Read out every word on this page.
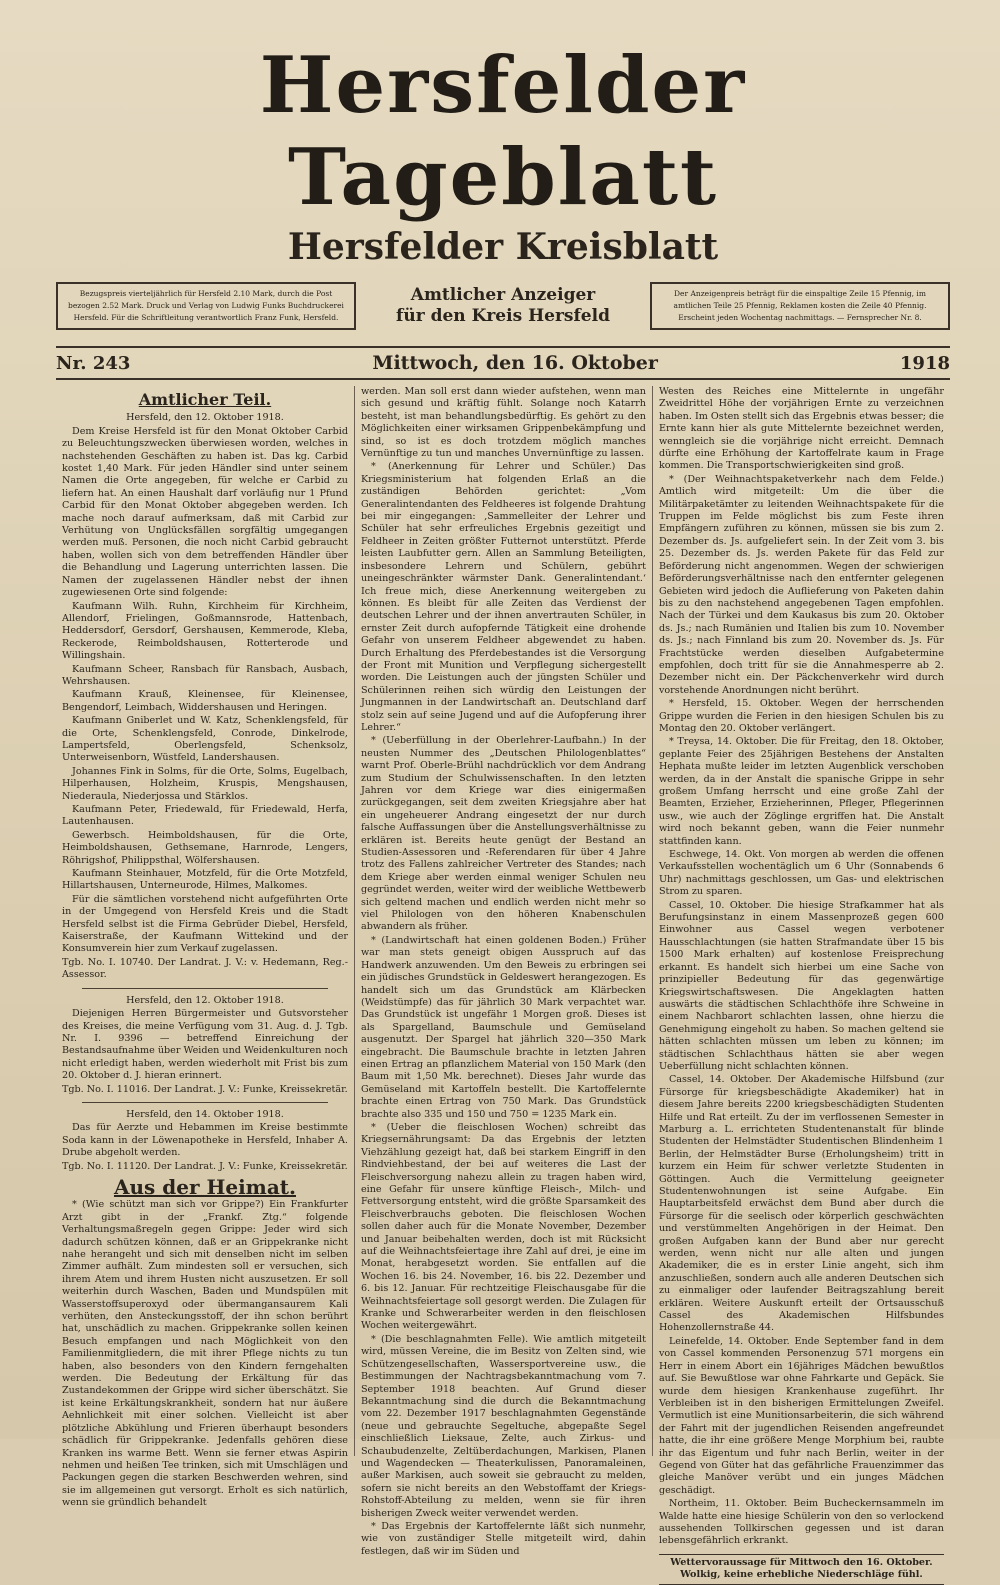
Hersfelder Tageblatt
Hersfelder Kreisblatt
Bezugspreis vierteljährlich für Hersfeld 2.10 Mark, durch die Post bezogen 2.52 Mark. Druck und Verlag von Ludwig Funks Buchdruckerei Hersfeld. Für die Schriftleitung verantwortlich Franz Funk, Hersfeld.
Amtlicher Anzeiger
für den Kreis Hersfeld
Der Anzeigenpreis beträgt für die einspaltige Zeile 15 Pfennig, im amtlichen Teile 25 Pfennig, Reklamen kosten die Zeile 40 Pfennig. Erscheint jeden Wochentag nachmittags. — Fernsprecher Nr. 8.
Nr. 243	Mittwoch, den 16. Oktober	1918
Amtlicher Teil.

Hersfeld, den 12. Oktober 1918.

Dem Kreise Hersfeld ist für den Monat Oktober Carbid zu Beleuchtungszwecken überwiesen worden, welches in nachstehenden Geschäften zu haben ist. Das kg. Carbid kostet 1,40 Mark. Für jeden Händler sind unter seinem Namen die Orte angegeben, für welche er Carbid zu liefern hat. An einen Haushalt darf vorläufig nur 1 Pfund Carbid für den Monat Oktober abgegeben werden. Ich mache noch darauf aufmerksam, daß mit Carbid zur Verhütung von Unglücksfällen sorgfältig umgegangen werden muß. Personen, die noch nicht Carbid gebraucht haben, wollen sich von dem betreffenden Händler über die Behandlung und Lagerung unterrichten lassen. Die Namen der zugelassenen Händler nebst der ihnen zugewiesenen Orte sind folgende:

Kaufmann Wilh. Ruhn, Kirchheim für Kirchheim, Allendorf, Frielingen, Goßmannsrode, Hattenbach, Heddersdorf, Gersdorf, Gershausen, Kemmerode, Kleba, Reckerode, Reimboldshausen, Rotterterode und Willingshain.

Kaufmann Scheer, Ransbach für Ransbach, Ausbach, Wehrshausen.

Kaufmann Krauß, Kleinensee, für Kleinensee, Bengendorf, Leimbach, Widdershausen und Heringen.

Kaufmann Gniberlet und W. Katz, Schenklengsfeld, für die Orte, Schenklengsfeld, Conrode, Dinkelrode, Lampertsfeld, Oberlengsfeld, Schenksolz, Unterweisenborn, Wüstfeld, Landershausen.

Johannes Fink in Solms, für die Orte, Solms, Eugelbach, Hilperhausen, Holzheim, Kruspis, Mengshausen, Niederaula, Niederjossa und Stärklos.

Kaufmann Peter, Friedewald, für Friedewald, Herfa, Lautenhausen.

Gewerbsch. Heimboldshausen, für die Orte, Heimboldshausen, Gethsemane, Harnrode, Lengers, Röhrigshof, Philippsthal, Wölfershausen.

Kaufmann Steinhauer, Motzfeld, für die Orte Motzfeld, Hillartshausen, Unterneurode, Hilmes, Malkomes.

Für die sämtlichen vorstehend nicht aufgeführten Orte in der Umgegend von Hersfeld Kreis und die Stadt Hersfeld selbst ist die Firma Gebrüder Diebel, Hersfeld, Kaiserstraße, der Kaufmann Wittekind und der Konsumverein hier zum Verkauf zugelassen.

Tgb. No. I. 10740. Der Landrat. J. V.: v. Hedemann, Reg.-Assessor.

Hersfeld, den 12. Oktober 1918.

Diejenigen Herren Bürgermeister und Gutsvorsteher des Kreises, die meine Verfügung vom 31. Aug. d. J. Tgb. Nr. I. 9396 — betreffend Einreichung der Bestandsaufnahme über Weiden und Weidenkulturen noch nicht erledigt haben, werden wiederholt mit Frist bis zum 20. Oktober d. J. hieran erinnert.

Tgb. No. I. 11016. Der Landrat. J. V.: Funke, Kreissekretär.

Hersfeld, den 14. Oktober 1918.

Das für Aerzte und Hebammen im Kreise bestimmte Soda kann in der Löwenapotheke in Hersfeld, Inhaber A. Drube abgeholt werden.

Tgb. No. I. 11120. Der Landrat. J. V.: Funke, Kreissekretär.

Aus der Heimat.

* (Wie schützt man sich vor Grippe?) Ein Frankfurter Arzt gibt in der „Frankf. Ztg.“ folgende Verhaltungsmaßregeln gegen Grippe: Jeder wird sich dadurch schützen können, daß er an Grippekranke nicht nahe herangeht und sich mit denselben nicht im selben Zimmer aufhält. Zum mindesten soll er versuchen, sich ihrem Atem und ihrem Husten nicht auszusetzen. Er soll weiterhin durch Waschen, Baden und Mundspülen mit Wasserstoffsuperoxyd oder übermangansaurem Kali verhüten, den Ansteckungsstoff, der ihn schon berührt hat, unschädlich zu machen. Grippekranke sollen keinen Besuch empfangen und nach Möglichkeit von den Familienmitgliedern, die mit ihrer Pflege nichts zu tun haben, also besonders von den Kindern ferngehalten werden. Die Bedeutung der Erkältung für das Zustandekommen der Grippe wird sicher überschätzt. Sie ist keine Erkältungskrankheit, sondern hat nur äußere Aehnlichkeit mit einer solchen. Vielleicht ist aber plötzliche Abkühlung und Frieren überhaupt besonders schädlich für Grippekranke. Jedenfalls gehören diese Kranken ins warme Bett. Wenn sie ferner etwas Aspirin nehmen und heißen Tee trinken, sich mit Umschlägen und Packungen gegen die starken Beschwerden wehren, sind sie im allgemeinen gut versorgt. Erholt es sich natürlich, wenn sie gründlich behandelt

werden. Man soll erst dann wieder aufstehen, wenn man sich gesund und kräftig fühlt. Solange noch Katarrh besteht, ist man behandlungsbedürftig. Es gehört zu den Möglichkeiten einer wirksamen Grippenbekämpfung und sind, so ist es doch trotzdem möglich manches Vernünftige zu tun und manches Unvernünftige zu lassen.

* (Anerkennung für Lehrer und Schüler.) Das Kriegsministerium hat folgenden Erlaß an die zuständigen Behörden gerichtet: „Vom Generalintendanten des Feldheeres ist folgende Drahtung bei mir eingegangen: ‚Sammelleiter der Lehrer und Schüler hat sehr erfreuliches Ergebnis gezeitigt und Feldheer in Zeiten größter Futternot unterstützt. Pferde leisten Laubfutter gern. Allen an Sammlung Beteiligten, insbesondere Lehrern und Schülern, gebührt uneingeschränkter wärmster Dank. Generalintendant.‘ Ich freue mich, diese Anerkennung weitergeben zu können. Es bleibt für alle Zeiten das Verdienst der deutschen Lehrer und der ihnen anvertrauten Schüler, in ernster Zeit durch aufopfernde Tätigkeit eine drohende Gefahr von unserem Feldheer abgewendet zu haben. Durch Erhaltung des Pferdebestandes ist die Versorgung der Front mit Munition und Verpflegung sichergestellt worden. Die Leistungen auch der jüngsten Schüler und Schülerinnen reihen sich würdig den Leistungen der Jungmannen in der Landwirtschaft an. Deutschland darf stolz sein auf seine Jugend und auf die Aufopferung ihrer Lehrer.“

* (Ueberfüllung in der Oberlehrer-Laufbahn.) In der neusten Nummer des „Deutschen Philologenblattes“ warnt Prof. Oberle-Brühl nachdrücklich vor dem Andrang zum Studium der Schulwissenschaften. In den letzten Jahren vor dem Kriege war dies einigermaßen zurückgegangen, seit dem zweiten Kriegsjahre aber hat ein ungeheuerer Andrang eingesetzt der nur durch falsche Auffassungen über die Anstellungsverhältnisse zu erklären ist. Bereits heute genügt der Bestand an Studien-Assessoren und -Referendaren für über 4 Jahre trotz des Fallens zahlreicher Vertreter des Standes; nach dem Kriege aber werden einmal weniger Schulen neu gegründet werden, weiter wird der weibliche Wettbewerb sich geltend machen und endlich werden nicht mehr so viel Philologen von den höheren Knabenschulen abwandern als früher.

* (Landwirtschaft hat einen goldenen Boden.) Früher war man stets geneigt obigen Ausspruch auf das Handwerk anzuwenden. Um den Beweis zu erbringen sei ein jüdisches Grundstück in Geldeswert herangezogen. Es handelt sich um das Grundstück am Klärbecken (Weidstümpfe) das für jährlich 30 Mark verpachtet war. Das Grundstück ist ungefähr 1 Morgen groß. Dieses ist als Spargelland, Baumschule und Gemüseland ausgenutzt. Der Spargel hat jährlich 320—350 Mark eingebracht. Die Baumschule brachte in letzten Jahren einen Ertrag an pflanzlichem Material von 150 Mark (den Baum mit 1,50 Mk. berechnet). Dieses Jahr wurde das Gemüseland mit Kartoffeln bestellt. Die Kartoffelernte brachte einen Ertrag von 750 Mark. Das Grundstück brachte also 335 und 150 und 750 = 1235 Mark ein.

* (Ueber die fleischlosen Wochen) schreibt das Kriegsernährungsamt: Da das Ergebnis der letzten Viehzählung gezeigt hat, daß bei starkem Eingriff in den Rindviehbestand, der bei auf weiteres die Last der Fleischversorgung nahezu allein zu tragen haben wird, eine Gefahr für unsere künftige Fleisch-, Milch- und Fettversorgung entsteht, wird die größte Sparsamkeit des Fleischverbrauchs geboten. Die fleischlosen Wochen sollen daher auch für die Monate November, Dezember und Januar beibehalten werden, doch ist mit Rücksicht auf die Weihnachtsfeiertage ihre Zahl auf drei, je eine im Monat, herabgesetzt worden. Sie entfallen auf die Wochen 16. bis 24. November, 16. bis 22. Dezember und 6. bis 12. Januar. Für rechtzeitige Fleischausgabe für die Weihnachtsfeiertage soll gesorgt werden. Die Zulagen für Kranke und Schwerarbeiter werden in den fleischlosen Wochen weitergewährt.

* (Die beschlagnahmten Felle). Wie amtlich mitgeteilt wird, müssen Vereine, die im Besitz von Zelten sind, wie Schützengesellschaften, Wassersportvereine usw., die Bestimmungen der Nachtragsbekanntmachung vom 7. September 1918 beachten. Auf Grund dieser Bekanntmachung sind die durch die Bekanntmachung vom 22. Dezember 1917 beschlagnahmten Gegenstände (neue und gebrauchte Segeltuche, abgepaßte Segel einschließlich Lieksaue, Zelte, auch Zirkus- und Schaubudenzelte, Zeltüberdachungen, Markisen, Planen und Wagendecken — Theaterkulissen, Panoramaleinen, außer Markisen, auch soweit sie gebraucht zu melden, sofern sie nicht bereits an den Webstoffamt der Kriegs-Rohstoff-Abteilung zu melden, wenn sie für ihren bisherigen Zweck weiter verwendet werden.

* Das Ergebnis der Kartoffelernte läßt sich nunmehr, wie von zuständiger Stelle mitgeteilt wird, dahin festlegen, daß wir im Süden und

Westen des Reiches eine Mittelernte in ungefähr Zweidrittel Höhe der vorjährigen Ernte zu verzeichnen haben. Im Osten stellt sich das Ergebnis etwas besser; die Ernte kann hier als gute Mittelernte bezeichnet werden, wenngleich sie die vorjährige nicht erreicht. Demnach dürfte eine Erhöhung der Kartoffelrate kaum in Frage kommen. Die Transportschwierigkeiten sind groß.

* (Der Weihnachtspaketverkehr nach dem Felde.) Amtlich wird mitgeteilt: Um die über die Militärpaketämter zu leitenden Weihnachtspakete für die Truppen im Felde möglichst bis zum Feste ihren Empfängern zuführen zu können, müssen sie bis zum 2. Dezember ds. Js. aufgeliefert sein. In der Zeit vom 3. bis 25. Dezember ds. Js. werden Pakete für das Feld zur Beförderung nicht angenommen. Wegen der schwierigen Beförderungsverhältnisse nach den entfernter gelegenen Gebieten wird jedoch die Auflieferung von Paketen dahin bis zu den nachstehend angegebenen Tagen empfohlen. Nach der Türkei und dem Kaukasus bis zum 20. Oktober ds. Js.; nach Rumänien und Italien bis zum 10. November ds. Js.; nach Finnland bis zum 20. November ds. Js. Für Frachtstücke werden dieselben Aufgabetermine empfohlen, doch tritt für sie die Annahmesperre ab 2. Dezember nicht ein. Der Päckchenverkehr wird durch vorstehende Anordnungen nicht berührt.

* Hersfeld, 15. Oktober. Wegen der herrschenden Grippe wurden die Ferien in den hiesigen Schulen bis zu Montag den 20. Oktober verlängert.

* Treysa, 14. Oktober. Die für Freitag, den 18. Oktober, geplante Feier des 25jährigen Bestehens der Anstalten Hephata mußte leider im letzten Augenblick verschoben werden, da in der Anstalt die spanische Grippe in sehr großem Umfang herrscht und eine große Zahl der Beamten, Erzieher, Erzieherinnen, Pfleger, Pflegerinnen usw., wie auch der Zöglinge ergriffen hat. Die Anstalt wird noch bekannt geben, wann die Feier nunmehr stattfinden kann.

Eschwege, 14. Okt. Von morgen ab werden die offenen Verkaufsstellen wochentäglich um 6 Uhr (Sonnabends 6 Uhr) nachmittags geschlossen, um Gas- und elektrischen Strom zu sparen.

Cassel, 10. Oktober. Die hiesige Strafkammer hat als Berufungsinstanz in einem Massenprozeß gegen 600 Einwohner aus Cassel wegen verbotener Hausschlachtungen (sie hatten Strafmandate über 15 bis 1500 Mark erhalten) auf kostenlose Freisprechung erkannt. Es handelt sich hierbei um eine Sache von prinzipieller Bedeutung für das gegenwärtige Kriegswirtschaftswesen. Die Angeklagten hatten auswärts die städtischen Schlachthöfe ihre Schweine in einem Nachbarort schlachten lassen, ohne hierzu die Genehmigung eingeholt zu haben. So machen geltend sie hätten schlachten müssen um leben zu können; im städtischen Schlachthaus hätten sie aber wegen Ueberfüllung nicht schlachten können.

Cassel, 14. Oktober. Der Akademische Hilfsbund (zur Fürsorge für kriegsbeschädigte Akademiker) hat in diesem Jahre bereits 2200 kriegsbeschädigten Studenten Hilfe und Rat erteilt. Zu der im verflossenen Semester in Marburg a. L. errichteten Studentenanstalt für blinde Studenten der Helmstädter Studentischen Blindenheim 1 Berlin, der Helmstädter Burse (Erholungsheim) tritt in kurzem ein Heim für schwer verletzte Studenten in Göttingen. Auch die Vermittelung geeigneter Studentenwohnungen ist seine Aufgabe. Ein Hauptarbeitsfeld erwächst dem Bund aber durch die Fürsorge für die seelisch oder körperlich geschwächten und verstümmelten Angehörigen in der Heimat. Den großen Aufgaben kann der Bund aber nur gerecht werden, wenn nicht nur alle alten und jungen Akademiker, die es in erster Linie angeht, sich ihm anzuschließen, sondern auch alle anderen Deutschen sich zu einmaliger oder laufender Beitragszahlung bereit erklären. Weitere Auskunft erteilt der Ortsausschuß Cassel des Akademischen Hilfsbundes Hohenzollernstraße 44.

Leinefelde, 14. Oktober. Ende September fand in dem von Cassel kommenden Personenzug 571 morgens ein Herr in einem Abort ein 16jähriges Mädchen bewußtlos auf. Sie Bewußtlose war ohne Fahrkarte und Gepäck. Sie wurde dem hiesigen Krankenhause zugeführt. Ihr Verbleiben ist in den bisherigen Ermittelungen Zweifel. Vermutlich ist eine Munitionsarbeiterin, die sich während der Fahrt mit der jugendlichen Reisenden angefreundet hatte, die ihr eine größere Menge Morphium bei, raubte ihr das Eigentum und fuhr nach Berlin, weiter in der Gegend von Güter hat das gefährliche Frauenzimmer das gleiche Manöver verübt und ein junges Mädchen geschädigt.

Northeim, 11. Oktober. Beim Bucheckernsammeln im Walde hatte eine hiesige Schülerin von den so verlockend aussehenden Tollkirschen gegessen und ist daran lebensgefährlich erkrankt.

Wettervoraussage für Mittwoch den 16. Oktober. Wolkig, keine erhebliche Niederschläge fühl.
